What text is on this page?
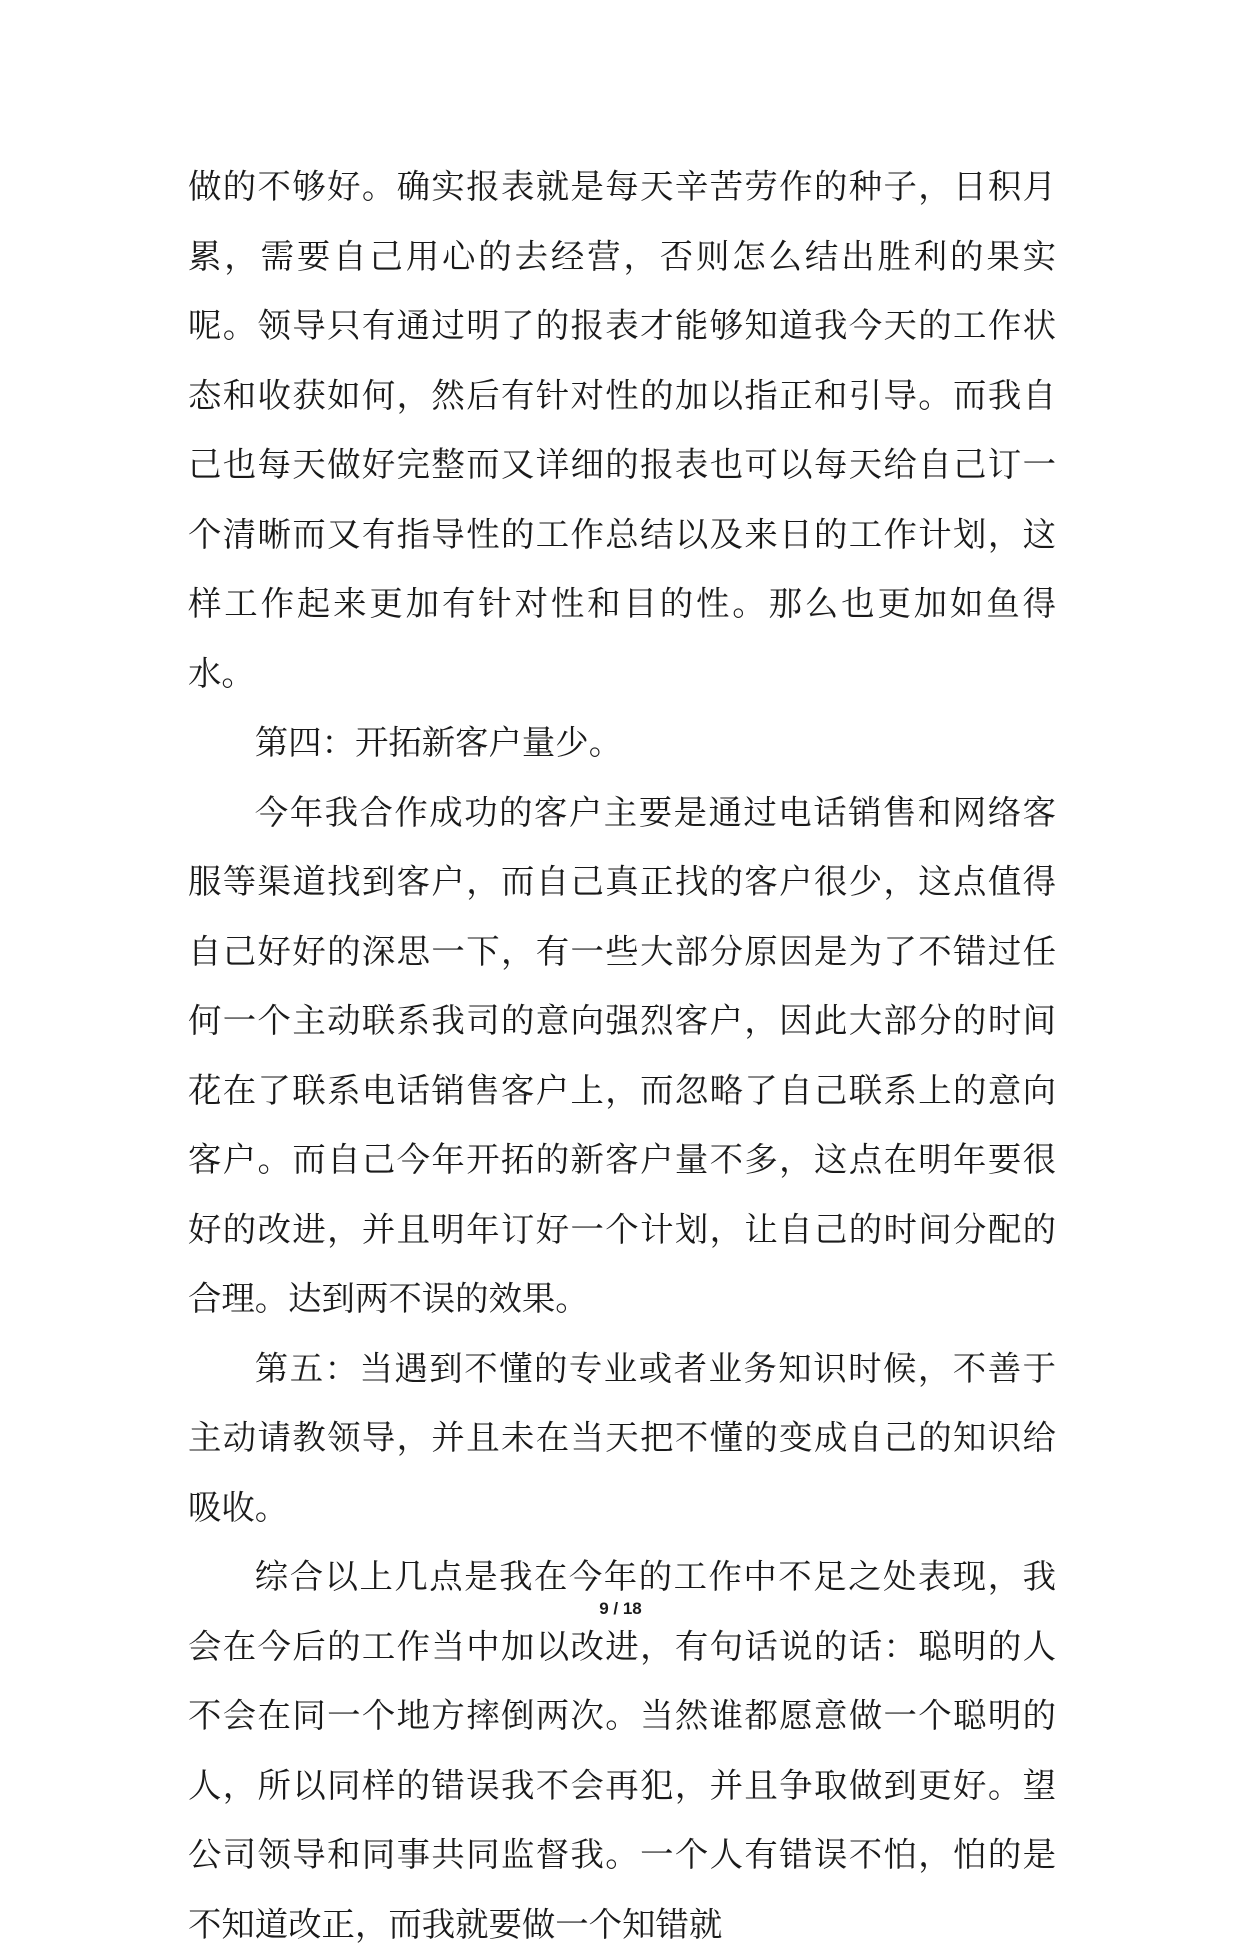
做的不够好。确实报表就是每天辛苦劳作的种子，日积月累，需要自己用心的去经营，否则怎么结出胜利的果实呢。领导只有通过明了的报表才能够知道我今天的工作状态和收获如何，然后有针对性的加以指正和引导。而我自己也每天做好完整而又详细的报表也可以每天给自己订一个清晰而又有指导性的工作总结以及来日的工作计划，这样工作起来更加有针对性和目的性。那么也更加如鱼得水。

第四：开拓新客户量少。

今年我合作成功的客户主要是通过电话销售和网络客服等渠道找到客户，而自己真正找的客户很少，这点值得自己好好的深思一下，有一些大部分原因是为了不错过任何一个主动联系我司的意向强烈客户，因此大部分的时间花在了联系电话销售客户上，而忽略了自己联系上的意向客户。而自己今年开拓的新客户量不多，这点在明年要很好的改进，并且明年订好一个计划，让自己的时间分配的合理。达到两不误的效果。

第五：当遇到不懂的专业或者业务知识时候，不善于主动请教领导，并且未在当天把不懂的变成自己的知识给吸收。

综合以上几点是我在今年的工作中不足之处表现，我会在今后的工作当中加以改进，有句话说的话：聪明的人不会在同一个地方摔倒两次。当然谁都愿意做一个聪明的人，所以同样的错误我不会再犯，并且争取做到更好。望公司领导和同事共同监督我。一个人有错误不怕，怕的是不知道改正，而我就要做一个知错就

9 / 18
